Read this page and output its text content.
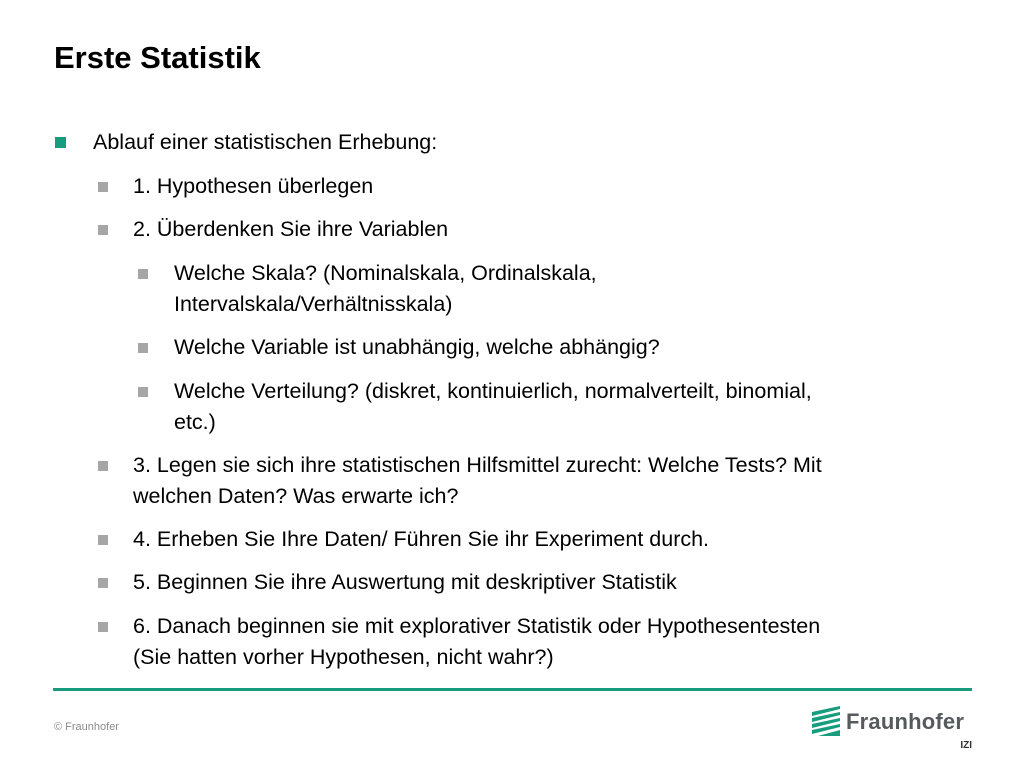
Erste Statistik
Ablauf einer statistischen Erhebung:
1. Hypothesen überlegen
2. Überdenken Sie ihre Variablen
Welche Skala? (Nominalskala, Ordinalskala,
Intervalskala/Verhältnisskala)
Welche Variable ist unabhängig, welche abhängig?
Welche Verteilung? (diskret, kontinuierlich, normalverteilt, binomial,
etc.)
3. Legen sie sich ihre statistischen Hilfsmittel zurecht: Welche Tests? Mit
welchen Daten? Was erwarte ich?
4. Erheben Sie Ihre Daten/ Führen Sie ihr Experiment durch.
5. Beginnen Sie ihre Auswertung mit deskriptiver Statistik
6. Danach beginnen sie mit explorativer Statistik oder Hypothesentesten
(Sie hatten vorher Hypothesen, nicht wahr?)
© Fraunhofer	Fraunhofer
IZI
